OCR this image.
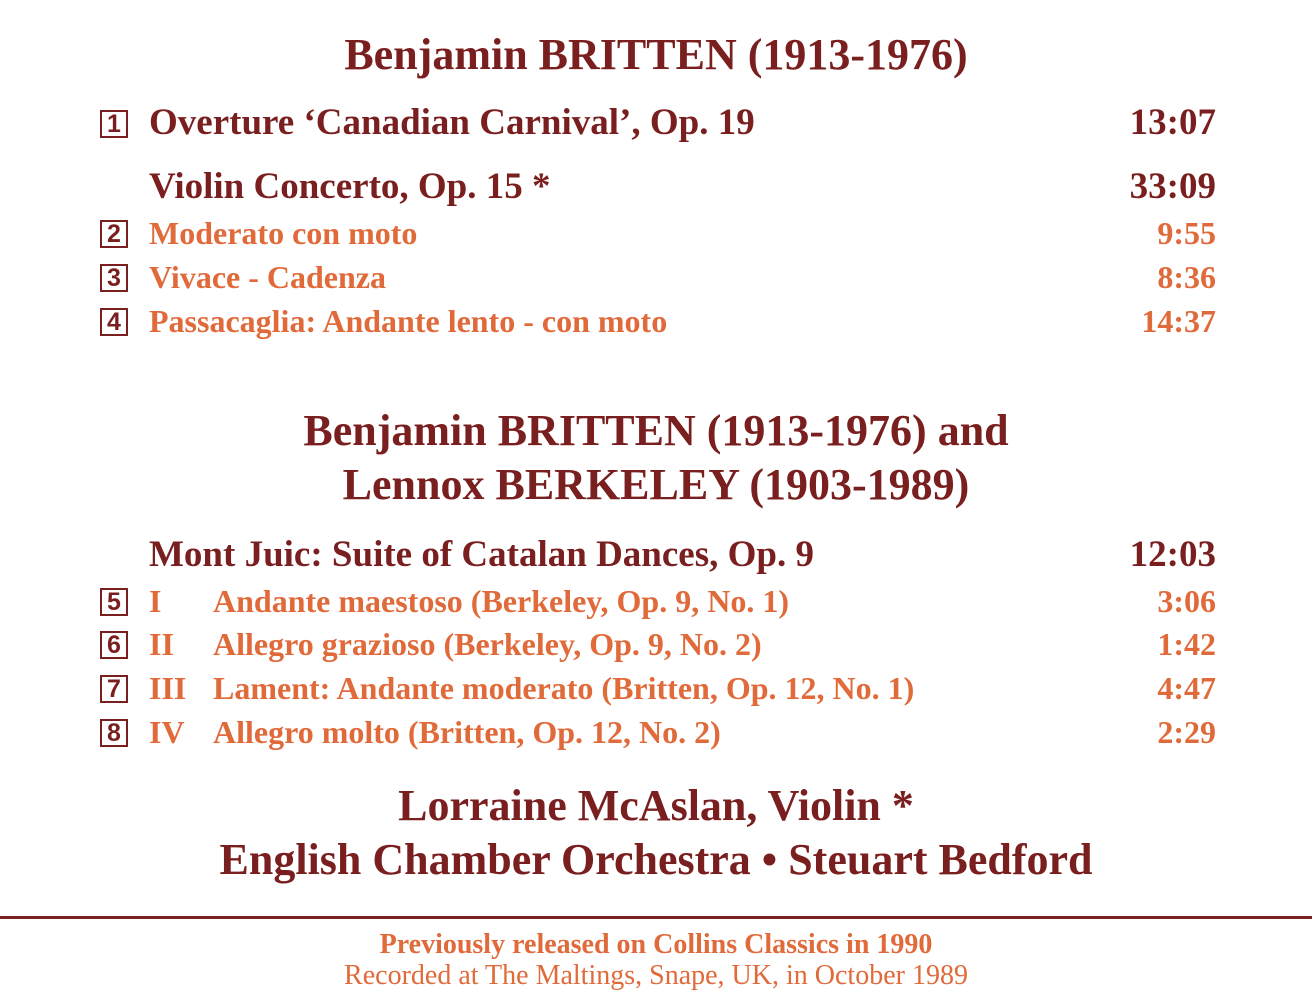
Benjamin BRITTEN (1913-1976)
1 Overture ‘Canadian Carnival’, Op. 19	13:07
Violin Concerto, Op. 15 *	33:09
2 Moderato con moto	9:55
3 Vivace - Cadenza	8:36
4 Passacaglia: Andante lento - con moto	14:37
Benjamin BRITTEN (1913-1976) and
Lennox BERKELEY (1903-1989)
Mont Juic: Suite of Catalan Dances, Op. 9	12:03
5 I Andante maestoso (Berkeley, Op. 9, No. 1)	3:06
6 II Allegro grazioso (Berkeley, Op. 9, No. 2)	1:42
7 III Lament: Andante moderato (Britten, Op. 12, No. 1)	4:47
8 IV Allegro molto (Britten, Op. 12, No. 2)	2:29
Lorraine McAslan, Violin *
English Chamber Orchestra • Steuart Bedford
Previously released on Collins Classics in 1990
Recorded at The Maltings, Snape, UK, in October 1989
